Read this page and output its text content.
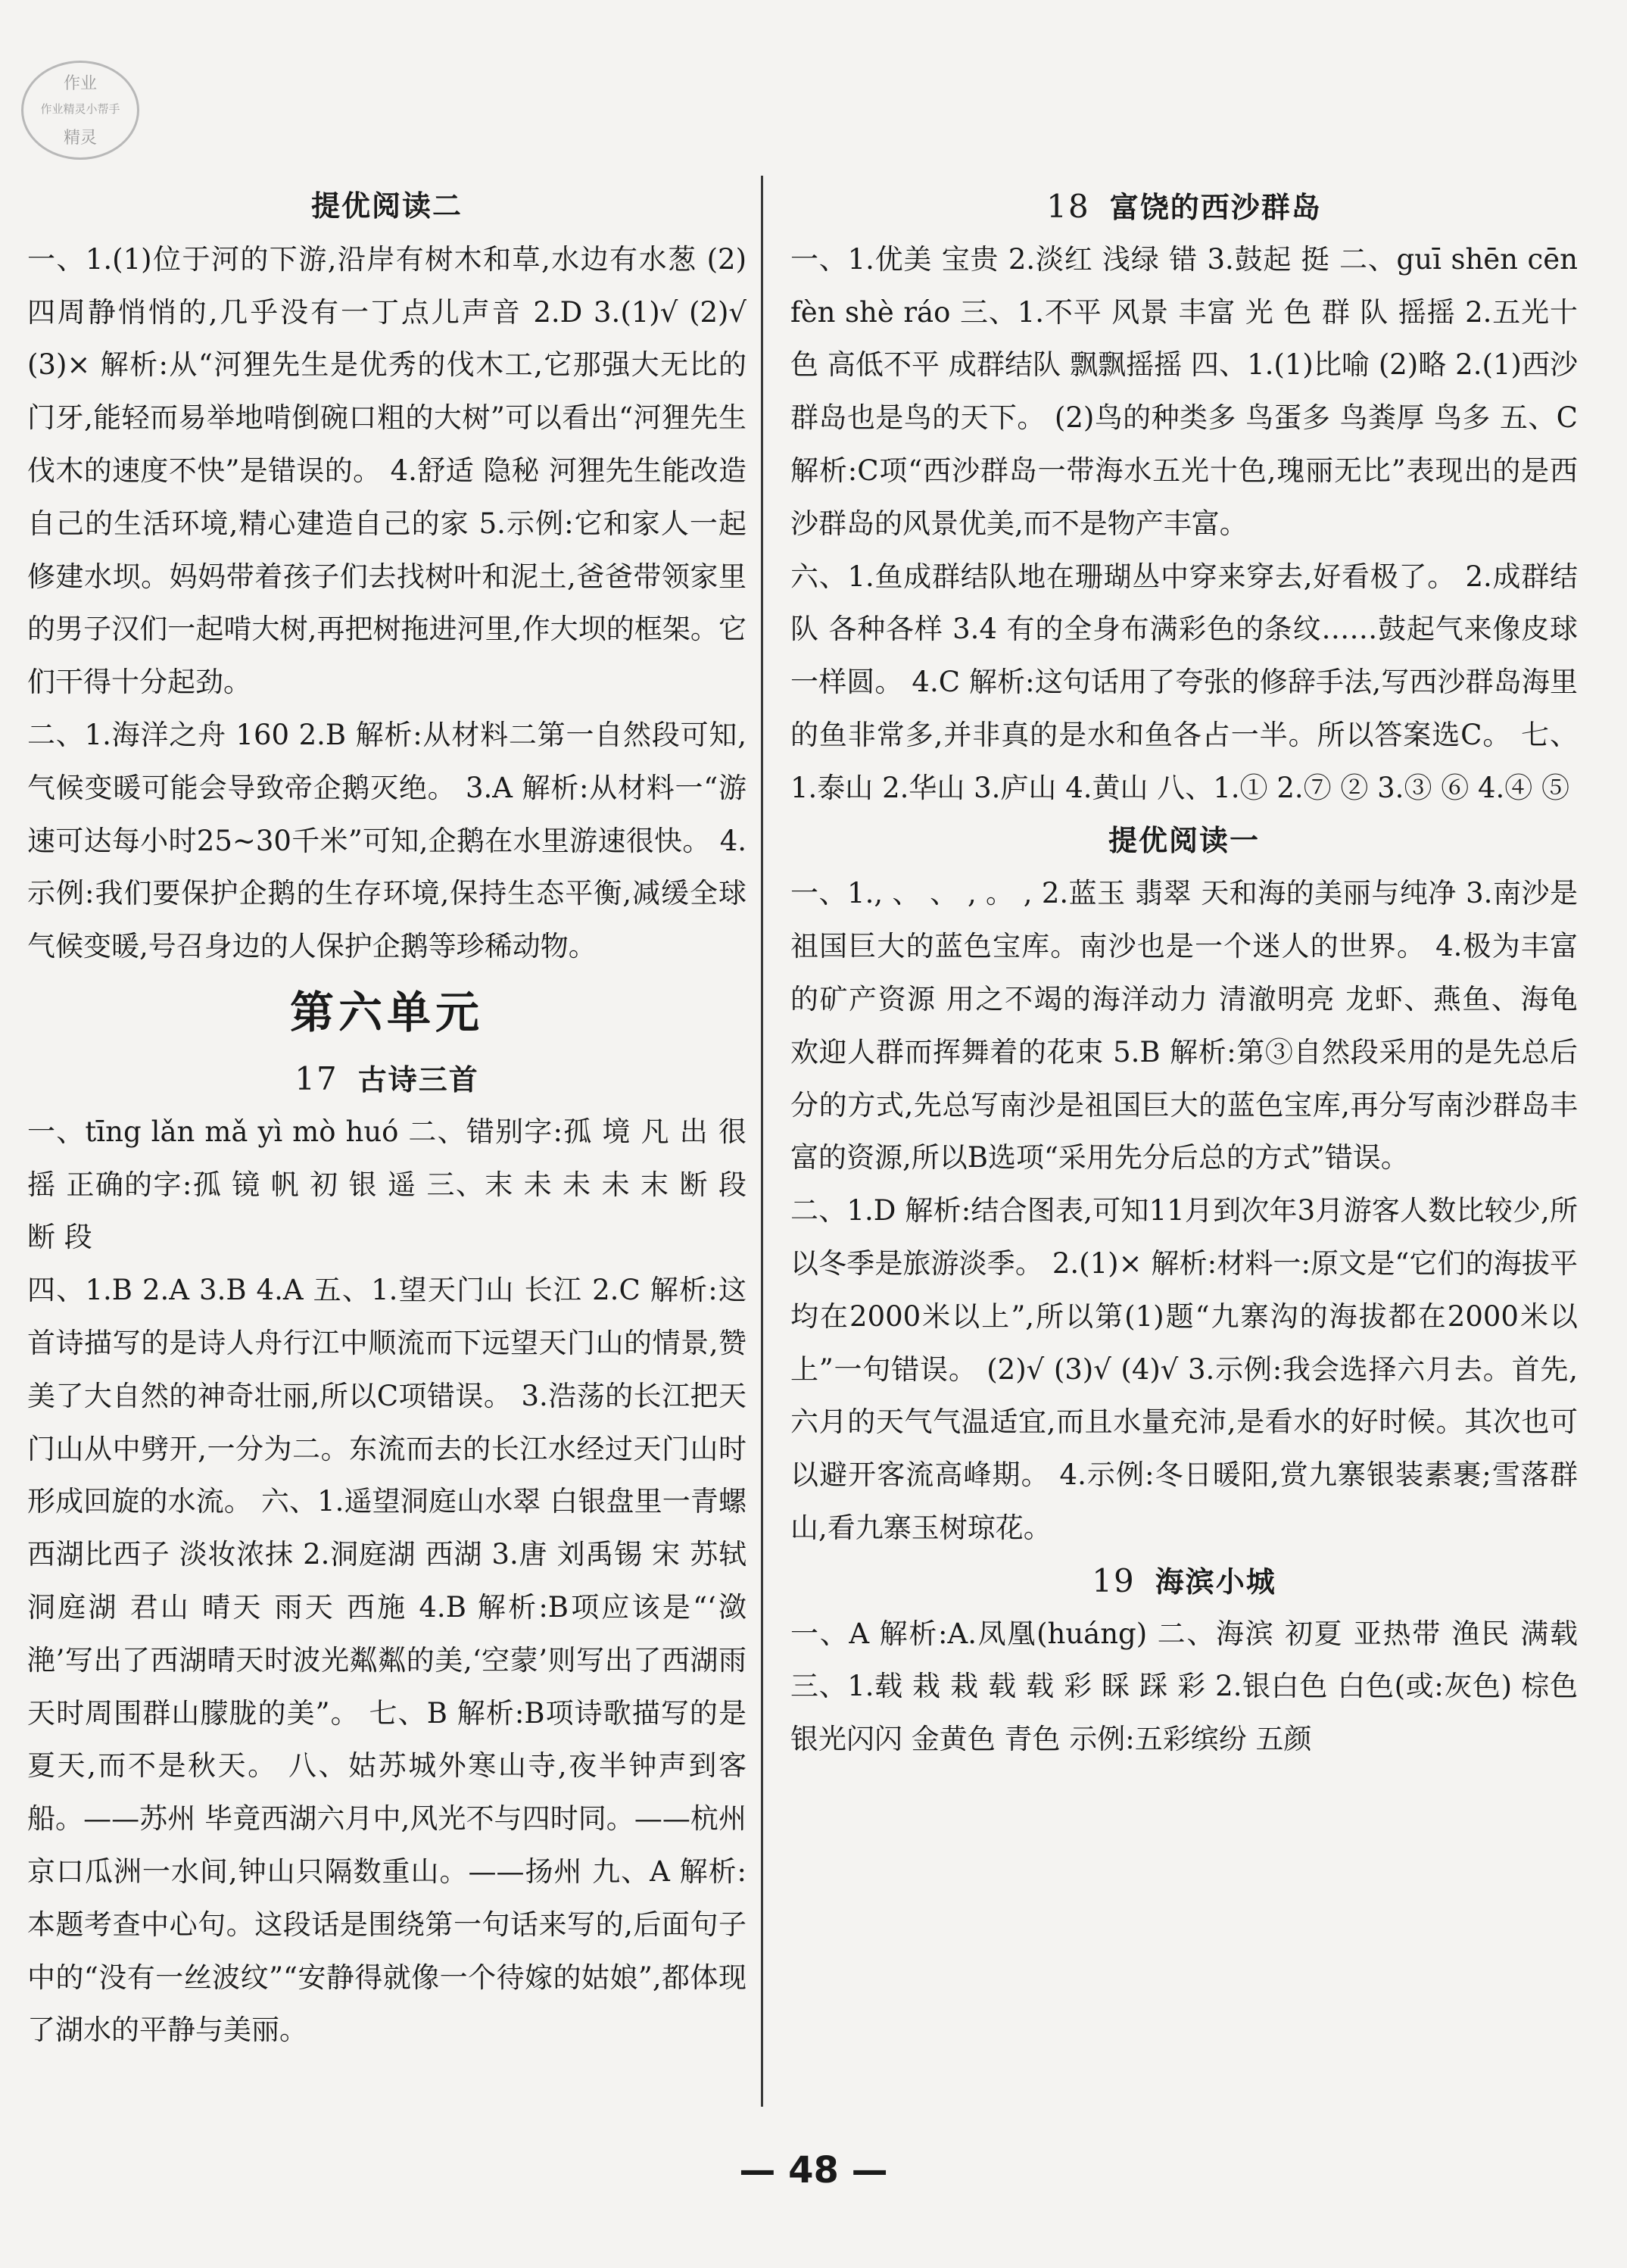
作业
作业精灵小帮手
精灵
提优阅读二

一、1.(1)位于河的下游,沿岸有树木和草,水边有水葱 (2)四周静悄悄的,几乎没有一丁点儿声音 2.D 3.(1)√ (2)√ (3)× 解析:从“河狸先生是优秀的伐木工,它那强大无比的门牙,能轻而易举地啃倒碗口粗的大树”可以看出“河狸先生伐木的速度不快”是错误的。 4.舒适 隐秘 河狸先生能改造自己的生活环境,精心建造自己的家 5.示例:它和家人一起修建水坝。妈妈带着孩子们去找树叶和泥土,爸爸带领家里的男子汉们一起啃大树,再把树拖进河里,作大坝的框架。它们干得十分起劲。

二、1.海洋之舟 160 2.B 解析:从材料二第一自然段可知,气候变暖可能会导致帝企鹅灭绝。 3.A 解析:从材料一“游速可达每小时25~30千米”可知,企鹅在水里游速很快。 4.示例:我们要保护企鹅的生存环境,保持生态平衡,减缓全球气候变暖,号召身边的人保护企鹅等珍稀动物。

第六单元
17 古诗三首

一、tīng lǎn mǎ yì mò huó 二、错别字:孤 境 凡 出 很 摇 正确的字:孤 镜 帆 初 银 遥 三、末 未 未 未 末 断 段 断 段

四、1.B 2.A 3.B 4.A 五、1.望天门山 长江 2.C 解析:这首诗描写的是诗人舟行江中顺流而下远望天门山的情景,赞美了大自然的神奇壮丽,所以C项错误。 3.浩荡的长江把天门山从中劈开,一分为二。东流而去的长江水经过天门山时形成回旋的水流。 六、1.遥望洞庭山水翠 白银盘里一青螺 西湖比西子 淡妆浓抹 2.洞庭湖 西湖 3.唐 刘禹锡 宋 苏轼 洞庭湖 君山 晴天 雨天 西施 4.B 解析:B项应该是“‘潋滟’写出了西湖晴天时波光粼粼的美,‘空蒙’则写出了西湖雨天时周围群山朦胧的美”。 七、B 解析:B项诗歌描写的是夏天,而不是秋天。 八、姑苏城外寒山寺,夜半钟声到客船。——苏州 毕竟西湖六月中,风光不与四时同。——杭州 京口瓜洲一水间,钟山只隔数重山。——扬州 九、A 解析:本题考查中心句。这段话是围绕第一句话来写的,后面句子中的“没有一丝波纹”“安静得就像一个待嫁的姑娘”,都体现了湖水的平静与美丽。

18 富饶的西沙群岛

一、1.优美 宝贵 2.淡红 浅绿 错 3.鼓起 挺 二、guī shēn cēn fèn shè ráo 三、1.不平 风景 丰富 光 色 群 队 摇摇 2.五光十色 高低不平 成群结队 飘飘摇摇 四、1.(1)比喻 (2)略 2.(1)西沙群岛也是鸟的天下。 (2)鸟的种类多 鸟蛋多 鸟粪厚 鸟多 五、C 解析:C项“西沙群岛一带海水五光十色,瑰丽无比”表现出的是西沙群岛的风景优美,而不是物产丰富。

六、1.鱼成群结队地在珊瑚丛中穿来穿去,好看极了。 2.成群结队 各种各样 3.4 有的全身布满彩色的条纹……鼓起气来像皮球一样圆。 4.C 解析:这句话用了夸张的修辞手法,写西沙群岛海里的鱼非常多,并非真的是水和鱼各占一半。所以答案选C。 七、1.泰山 2.华山 3.庐山 4.黄山 八、1.① 2.⑦ ② 3.③ ⑥ 4.④ ⑤

提优阅读一

一、1., 、 、 , 。 , 2.蓝玉 翡翠 天和海的美丽与纯净 3.南沙是祖国巨大的蓝色宝库。南沙也是一个迷人的世界。 4.极为丰富的矿产资源 用之不竭的海洋动力 清澈明亮 龙虾、燕鱼、海龟 欢迎人群而挥舞着的花束 5.B 解析:第③自然段采用的是先总后分的方式,先总写南沙是祖国巨大的蓝色宝库,再分写南沙群岛丰富的资源,所以B选项“采用先分后总的方式”错误。

二、1.D 解析:结合图表,可知11月到次年3月游客人数比较少,所以冬季是旅游淡季。 2.(1)× 解析:材料一:原文是“它们的海拔平均在2000米以上”,所以第(1)题“九寨沟的海拔都在2000米以上”一句错误。 (2)√ (3)√ (4)√ 3.示例:我会选择六月去。首先,六月的天气气温适宜,而且水量充沛,是看水的好时候。其次也可以避开客流高峰期。 4.示例:冬日暖阳,赏九寨银装素裹;雪落群山,看九寨玉树琼花。

19 海滨小城

一、A 解析:A.凤凰(huáng) 二、海滨 初夏 亚热带 渔民 满载 三、1.载 栽 栽 载 载 彩 睬 踩 彩 2.银白色 白色(或:灰色) 棕色 银光闪闪 金黄色 青色 示例:五彩缤纷 五颜

— 48 —
